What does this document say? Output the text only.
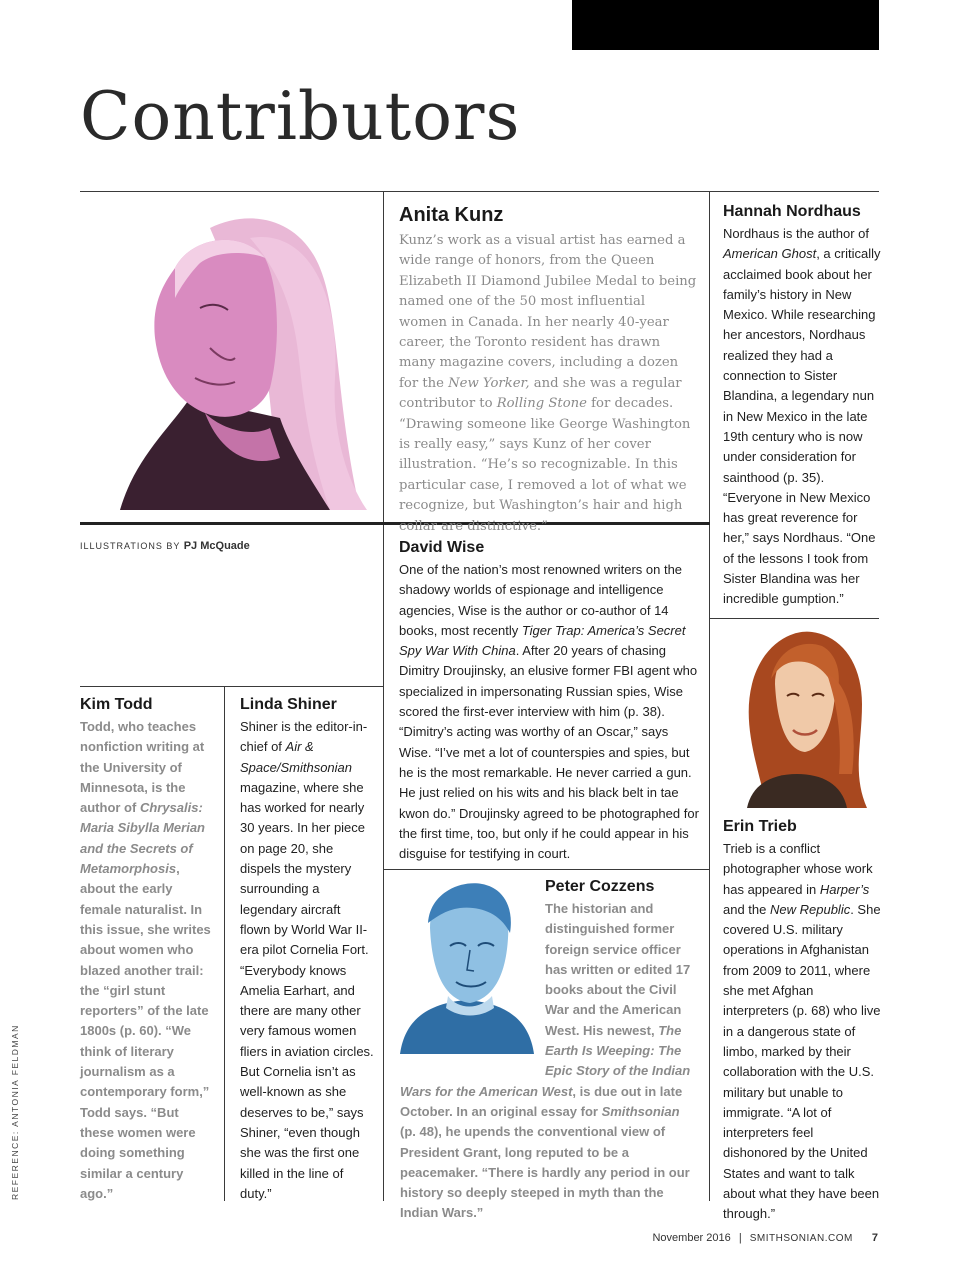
Contributors
ILLUSTRATIONS BY PJ McQuade
Anita Kunz
Kunz’s work as a visual artist has earned a wide range of honors, from the Queen Elizabeth II Diamond Jubilee Medal to being named one of the 50 most influential women in Canada. In her nearly 40-year career, the Toronto resident has drawn many magazine covers, including a dozen for the New Yorker, and she was a regular contributor to Rolling Stone for decades. “Drawing someone like George Washington is really easy,” says Kunz of her cover illustration. “He’s so recognizable. In this particular case, I removed a lot of what we recognize, but Washington’s hair and high collar are distinctive.”
Hannah Nordhaus
Nordhaus is the author of American Ghost, a critically acclaimed book about her family’s history in New Mexico. While researching her ancestors, Nordhaus realized they had a connection to Sister Blandina, a legendary nun in New Mexico in the late 19th century who is now under consideration for sainthood (p. 35). “Everyone in New Mexico has great reverence for her,” says Nordhaus. “One of the lessons I took from Sister Blandina was her incredible gumption.”
David Wise
One of the nation’s most renowned writers on the shadowy worlds of espionage and intelligence agencies, Wise is the author or co-author of 14 books, most recently Tiger Trap: America’s Secret Spy War With China. After 20 years of chasing Dimitry Droujinsky, an elusive former FBI agent who specialized in impersonating Russian spies, Wise scored the first-ever interview with him (p. 38). “Dimitry’s acting was worthy of an Oscar,” says Wise. “I’ve met a lot of counterspies and spies, but he is the most remarkable. He never carried a gun. He just relied on his wits and his black belt in tae kwon do.” Droujinsky agreed to be photographed for the first time, too, but only if he could appear in his disguise for testifying in court.
Kim Todd
Todd, who teaches nonfiction writing at the University of Minnesota, is the author of Chrysalis: Maria Sibylla Merian and the Secrets of Metamorphosis, about the early female naturalist. In this issue, she writes about women who blazed another trail: the “girl stunt reporters” of the late 1800s (p. 60). “We think of literary journalism as a contemporary form,” Todd says. “But these women were doing something similar a century ago.”
Linda Shiner
Shiner is the editor-in-chief of Air & Space/Smithsonian magazine, where she has worked for nearly 30 years. In her piece on page 20, she dispels the mystery surrounding a legendary aircraft flown by World War II-era pilot Cornelia Fort. “Everybody knows Amelia Earhart, and there are many other very famous women fliers in aviation circles. But Cornelia isn’t as well-known as she deserves to be,” says Shiner, “even though she was the first one killed in the line of duty.”
Peter Cozzens
The historian and distinguished former foreign service officer has written or edited 17 books about the Civil War and the American West. His newest, The Earth Is Weeping: The Epic Story of the Indian Wars for the American West, is due out in late October. In an original essay for Smithsonian (p. 48), he upends the conventional view of President Grant, long reputed to be a peacemaker. “There is hardly any period in our history so deeply steeped in myth than the Indian Wars.”
Erin Trieb
Trieb is a conflict photographer whose work has appeared in Harper’s and the New Republic. She covered U.S. military operations in Afghanistan from 2009 to 2011, where she met Afghan interpreters (p. 68) who live in a dangerous state of limbo, marked by their collaboration with the U.S. military but unable to immigrate. “A lot of interpreters feel dishonored by the United States and want to talk about what they have been through.”
REFERENCE: ANTONIA FELDMAN
November 2016 | SMITHSONIAN.COM 7
